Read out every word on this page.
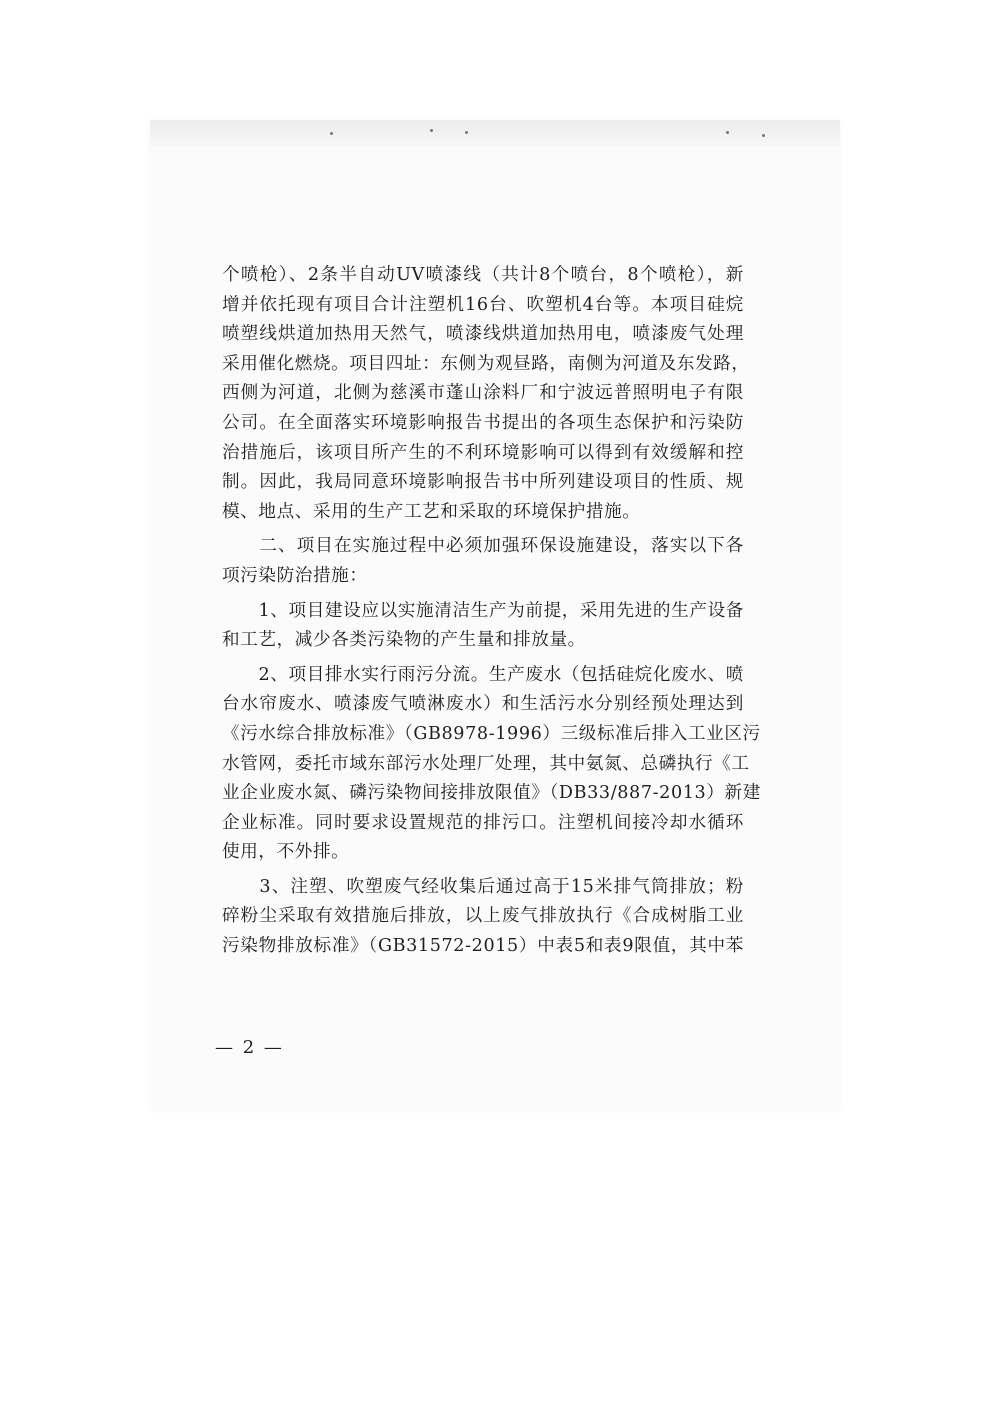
个喷枪）、2条半自动UV喷漆线（共计8个喷台，8个喷枪），新
增并依托现有项目合计注塑机16台、吹塑机4台等。本项目硅烷
喷塑线烘道加热用天然气，喷漆线烘道加热用电，喷漆废气处理
采用催化燃烧。项目四址：东侧为观昼路，南侧为河道及东发路，
西侧为河道，北侧为慈溪市蓬山涂料厂和宁波远普照明电子有限
公司。在全面落实环境影响报告书提出的各项生态保护和污染防
治措施后，该项目所产生的不利环境影响可以得到有效缓解和控
制。因此，我局同意环境影响报告书中所列建设项目的性质、规
模、地点、采用的生产工艺和采取的环境保护措施。
　　二、项目在实施过程中必须加强环保设施建设，落实以下各
项污染防治措施：
　　1、项目建设应以实施清洁生产为前提，采用先进的生产设备
和工艺，减少各类污染物的产生量和排放量。
　　2、项目排水实行雨污分流。生产废水（包括硅烷化废水、喷
台水帘废水、喷漆废气喷淋废水）和生活污水分别经预处理达到
《污水综合排放标准》（GB8978-1996）三级标准后排入工业区污
水管网，委托市域东部污水处理厂处理，其中氨氮、总磷执行《工
业企业废水氮、磷污染物间接排放限值》（DB33/887-2013）新建
企业标准。同时要求设置规范的排污口。注塑机间接冷却水循环
使用，不外排。
　　3、注塑、吹塑废气经收集后通过高于15米排气筒排放；粉
碎粉尘采取有效措施后排放，以上废气排放执行《合成树脂工业
污染物排放标准》（GB31572-2015）中表5和表9限值，其中苯
— 2 —
